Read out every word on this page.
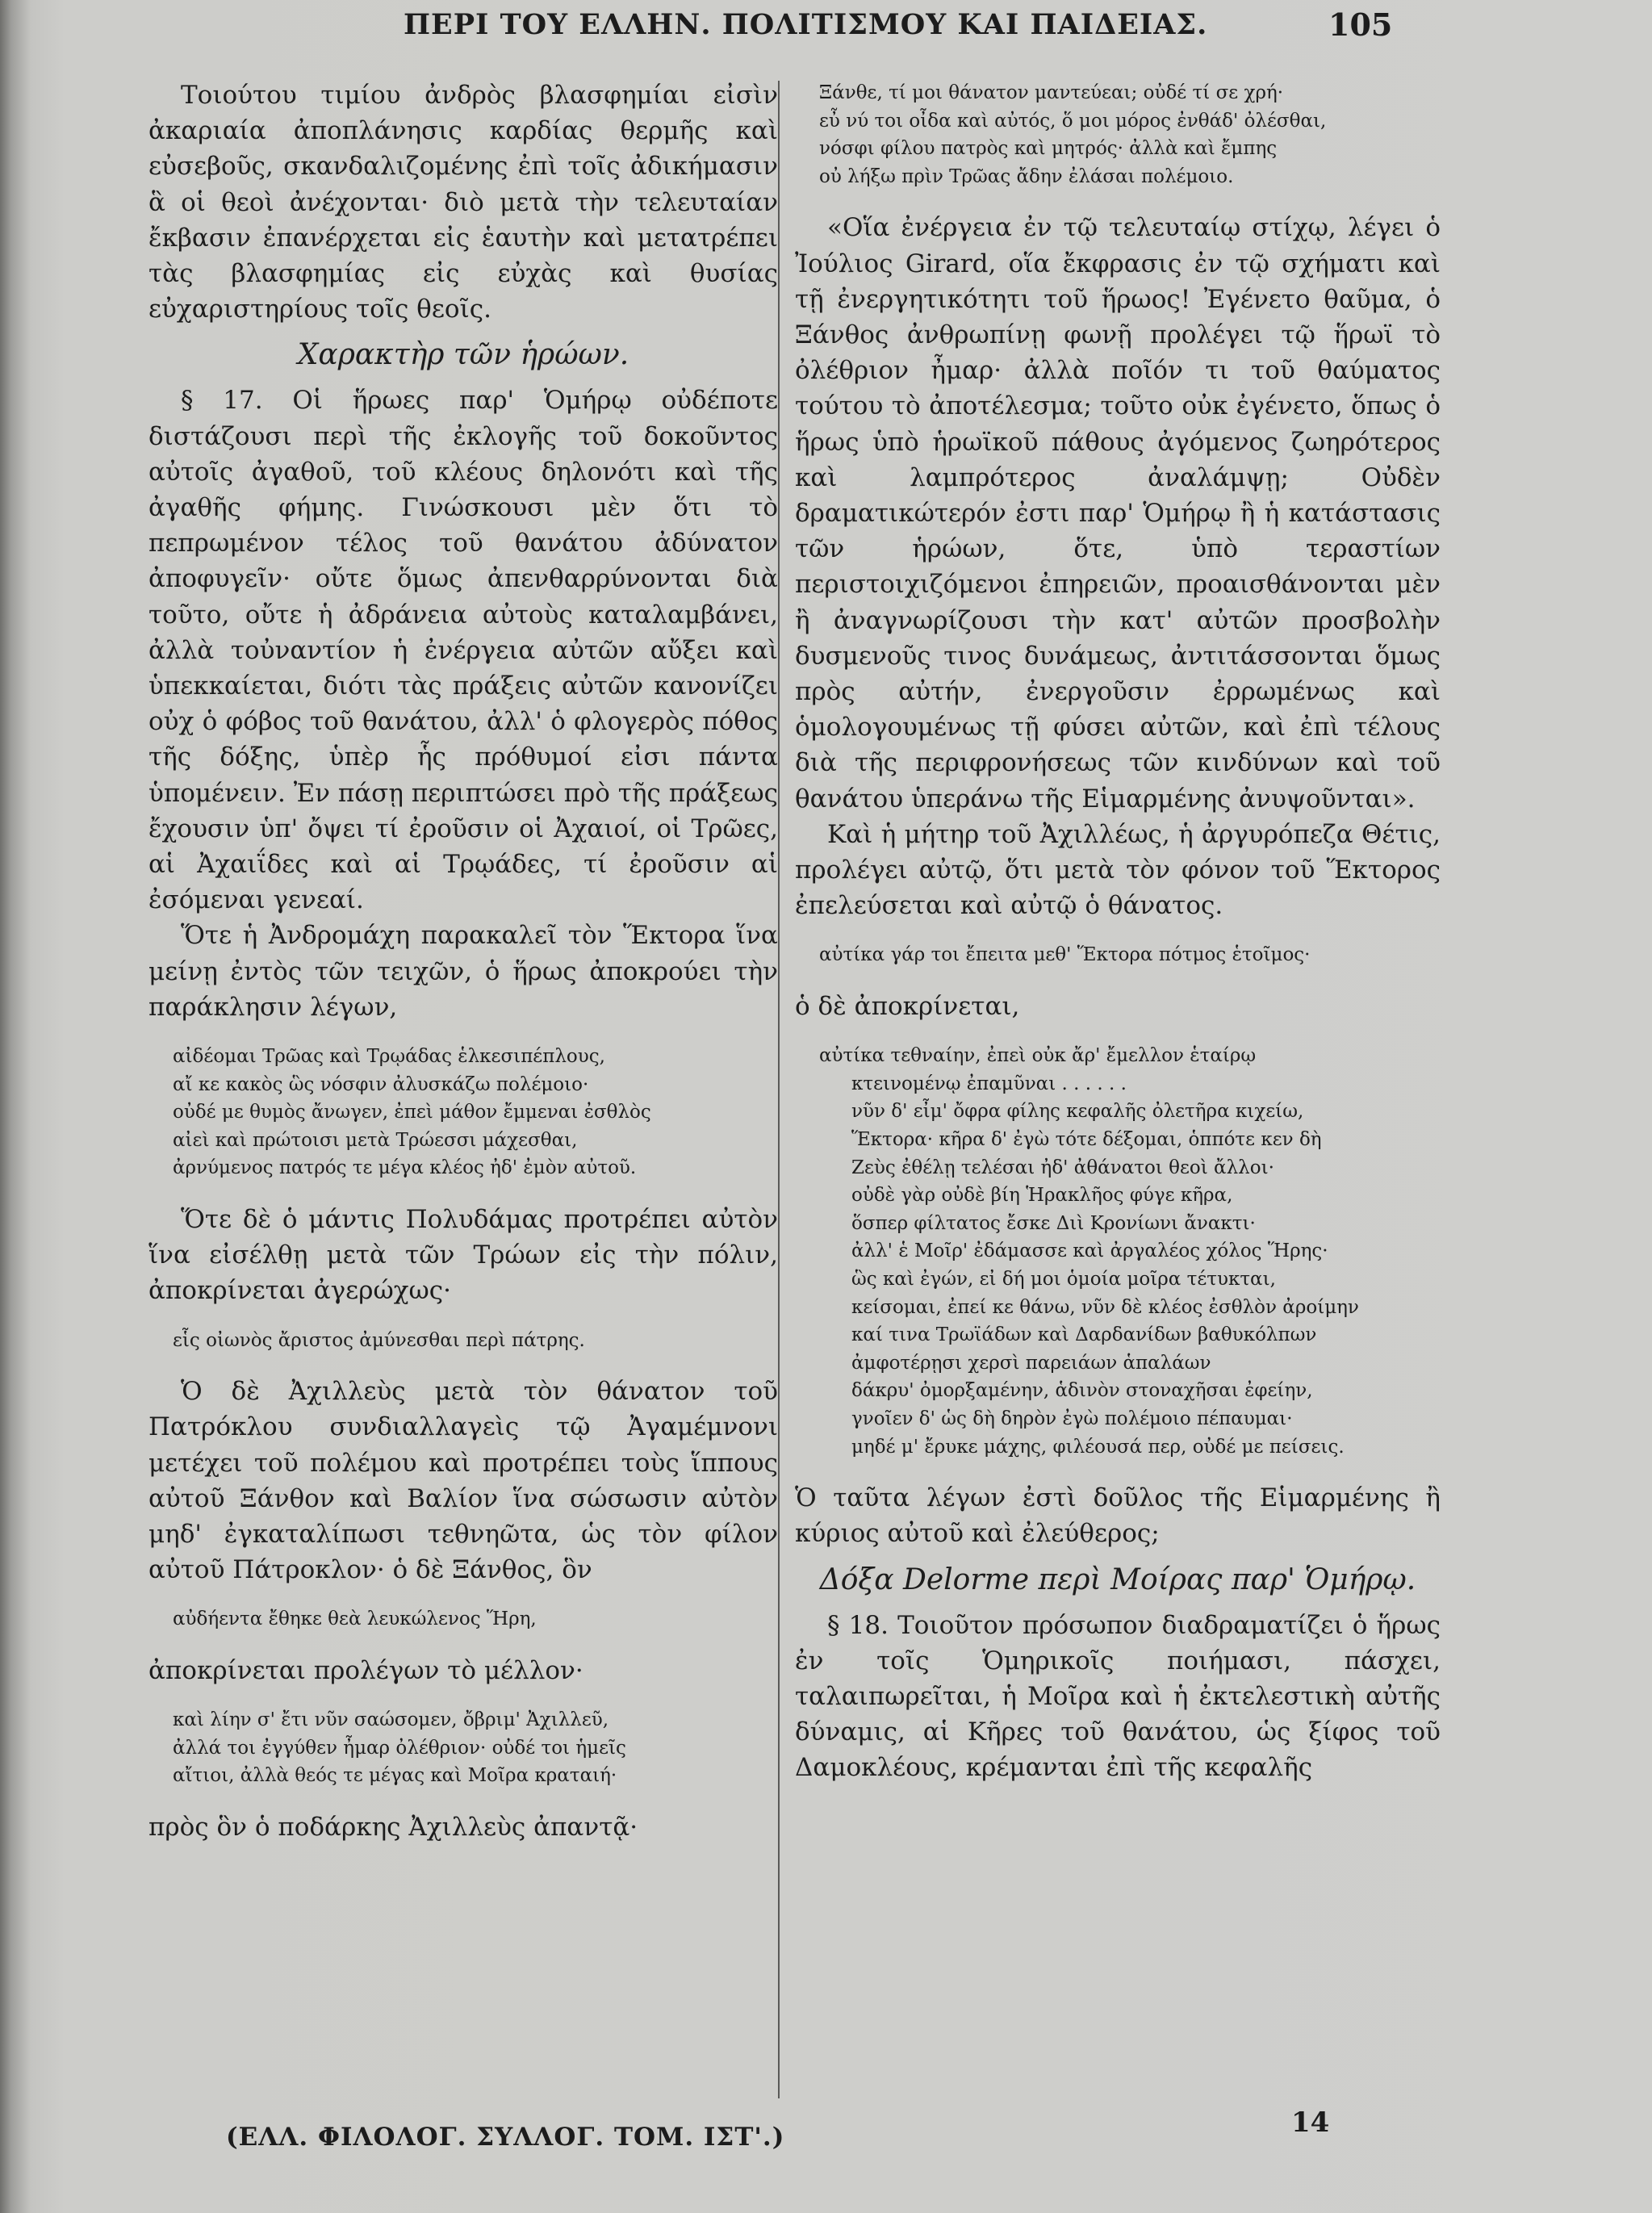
ΠΕΡΙ ΤΟΥ ΕΛΛΗΝ. ΠΟΛΙΤΙΣΜΟΥ ΚΑΙ ΠΑΙΔΕΙΑΣ.	105

Τοιούτου τιμίου ἀνδρὸς βλασφημίαι εἰσὶν ἀκαριαία ἀποπλάνησις καρδίας θερμῆς καὶ εὐσεβοῦς, σκανδαλιζομένης ἐπὶ τοῖς ἀδικήμασιν ἃ οἱ θεοὶ ἀνέχονται· διὸ μετὰ τὴν τελευταίαν ἔκβασιν ἐπανέρχεται εἰς ἑαυτὴν καὶ μετατρέπει τὰς βλασφημίας εἰς εὐχὰς καὶ θυσίας εὐχαριστηρίους τοῖς θεοῖς.

Χαρακτὴρ τῶν ἡρώων.

§ 17. Οἱ ἥρωες παρ' Ὁμήρῳ οὐδέποτε διστάζουσι περὶ τῆς ἐκλογῆς τοῦ δοκοῦντος αὐτοῖς ἀγαθοῦ, τοῦ κλέους δηλονότι καὶ τῆς ἀγαθῆς φήμης. Γινώσκουσι μὲν ὅτι τὸ πεπρωμένον τέλος τοῦ θανάτου ἀδύνατον ἀποφυγεῖν· οὔτε ὅμως ἀπενθαρρύνονται διὰ τοῦτο, οὔτε ἡ ἀδράνεια αὐτοὺς καταλαμβάνει, ἀλλὰ τοὐναντίον ἡ ἐνέργεια αὐτῶν αὔξει καὶ ὑπεκκαίεται, διότι τὰς πράξεις αὐτῶν κανονίζει οὐχ ὁ φόβος τοῦ θανάτου, ἀλλ' ὁ φλογερὸς πόθος τῆς δόξης, ὑπὲρ ἧς πρόθυμοί εἰσι πάντα ὑπομένειν. Ἐν πάσῃ περιπτώσει πρὸ τῆς πράξεως ἔχουσιν ὑπ' ὄψει τί ἐροῦσιν οἱ Ἀχαιοί, οἱ Τρῶες, αἱ Ἀχαιΐδες καὶ αἱ Τρῳάδες, τί ἐροῦσιν αἱ ἐσόμεναι γενεαί.

Ὅτε ἡ Ἀνδρομάχη παρακαλεῖ τὸν Ἕκτορα ἵνα μείνῃ ἐντὸς τῶν τειχῶν, ὁ ἥρως ἀποκρούει τὴν παράκλησιν λέγων,

αἰδέομαι Τρῶας καὶ Τρῳάδας ἑλκεσιπέπλους,
αἴ κε κακὸς ὣς νόσφιν ἀλυσκάζω πολέμοιο·
οὐδέ με θυμὸς ἄνωγεν, ἐπεὶ μάθον ἔμμεναι ἐσθλὸς
αἰεὶ καὶ πρώτοισι μετὰ Τρώεσσι μάχεσθαι,
ἀρνύμενος πατρός τε μέγα κλέος ἠδ' ἐμὸν αὐτοῦ.

Ὅτε δὲ ὁ μάντις Πολυδάμας προτρέπει αὐτὸν ἵνα εἰσέλθῃ μετὰ τῶν Τρώων εἰς τὴν πόλιν, ἀποκρίνεται ἀγερώχως·

εἷς οἰωνὸς ἄριστος ἀμύνεσθαι περὶ πάτρης.

Ὁ δὲ Ἀχιλλεὺς μετὰ τὸν θάνατον τοῦ Πατρόκλου συνδιαλλαγεὶς τῷ Ἀγαμέμνονι μετέχει τοῦ πολέμου καὶ προτρέπει τοὺς ἵππους αὐτοῦ Ξάνθον καὶ Βαλίον ἵνα σώσωσιν αὐτὸν μηδ' ἐγκαταλίπωσι τεθνηῶτα, ὡς τὸν φίλον αὐτοῦ Πάτροκλον· ὁ δὲ Ξάνθος, ὃν

αὐδήεντα ἔθηκε θεὰ λευκώλενος Ἥρη,

ἀποκρίνεται προλέγων τὸ μέλλον·

καὶ λίην σ' ἔτι νῦν σαώσομεν, ὄβριμ' Ἀχιλλεῦ,
ἀλλά τοι ἐγγύθεν ἦμαρ ὀλέθριον· οὐδέ τοι ἡμεῖς
αἴτιοι, ἀλλὰ θεός τε μέγας καὶ Μοῖρα κραταιή·

πρὸς ὃν ὁ ποδάρκης Ἀχιλλεὺς ἀπαντᾷ·

Ξάνθε, τί μοι θάνατον μαντεύεαι; οὐδέ τί σε χρή·
εὖ νύ τοι οἶδα καὶ αὐτός, ὅ μοι μόρος ἐνθάδ' ὀλέσθαι,
νόσφι φίλου πατρὸς καὶ μητρός· ἀλλὰ καὶ ἔμπης
οὐ λήξω πρὶν Τρῶας ἄδην ἐλάσαι πολέμοιο.

«Οἵα ἐνέργεια ἐν τῷ τελευταίῳ στίχῳ, λέγει ὁ Ἰούλιος Girard, οἵα ἔκφρασις ἐν τῷ σχήματι καὶ τῇ ἐνεργητικότητι τοῦ ἥρωος! Ἐγένετο θαῦμα, ὁ Ξάνθος ἀνθρωπίνῃ φωνῇ προλέγει τῷ ἥρωϊ τὸ ὀλέθριον ἦμαρ· ἀλλὰ ποῖόν τι τοῦ θαύματος τούτου τὸ ἀποτέλεσμα; τοῦτο οὐκ ἐγένετο, ὅπως ὁ ἥρως ὑπὸ ἡρωϊκοῦ πάθους ἀγόμενος ζωηρότερος καὶ λαμπρότερος ἀναλάμψῃ; Οὐδὲν δραματικώτερόν ἐστι παρ' Ὁμήρῳ ἢ ἡ κατάστασις τῶν ἡρώων, ὅτε, ὑπὸ τεραστίων περιστοιχιζόμενοι ἐπηρειῶν, προαισθάνονται μὲν ἢ ἀναγνωρίζουσι τὴν κατ' αὐτῶν προσβολὴν δυσμενοῦς τινος δυνάμεως, ἀντιτάσσονται ὅμως πρὸς αὐτήν, ἐνεργοῦσιν ἐρρωμένως καὶ ὁμολογουμένως τῇ φύσει αὐτῶν, καὶ ἐπὶ τέλους διὰ τῆς περιφρονήσεως τῶν κινδύνων καὶ τοῦ θανάτου ὑπεράνω τῆς Εἱμαρμένης ἀνυψοῦνται».

Καὶ ἡ μήτηρ τοῦ Ἀχιλλέως, ἡ ἀργυρόπεζα Θέτις, προλέγει αὐτῷ, ὅτι μετὰ τὸν φόνον τοῦ Ἕκτορος ἐπελεύσεται καὶ αὐτῷ ὁ θάνατος.

αὐτίκα γάρ τοι ἔπειτα μεθ' Ἕκτορα πότμος ἑτοῖμος·

ὁ δὲ ἀποκρίνεται,

αὐτίκα τεθναίην, ἐπεὶ οὐκ ἄρ' ἔμελλον ἑταίρῳ
κτεινομένῳ ἐπαμῦναι . . . . . .
νῦν δ' εἶμ' ὄφρα φίλης κεφαλῆς ὀλετῆρα κιχείω,
Ἕκτορα· κῆρα δ' ἐγὼ τότε δέξομαι, ὁππότε κεν δὴ
Ζεὺς ἐθέλῃ τελέσαι ἠδ' ἀθάνατοι θεοὶ ἄλλοι·
οὐδὲ γὰρ οὐδὲ βίη Ἡρακλῆος φύγε κῆρα,
ὅσπερ φίλτατος ἔσκε Διὶ Κρονίωνι ἄνακτι·
ἀλλ' ἑ Μοῖρ' ἐδάμασσε καὶ ἀργαλέος χόλος Ἥρης·
ὣς καὶ ἐγών, εἰ δή μοι ὁμοία μοῖρα τέτυκται,
κείσομαι, ἐπεί κε θάνω, νῦν δὲ κλέος ἐσθλὸν ἀροίμην
καί τινα Τρωϊάδων καὶ Δαρδανίδων βαθυκόλπων
ἀμφοτέρῃσι χερσὶ παρειάων ἁπαλάων
δάκρυ' ὀμορξαμένην, ἁδινὸν στοναχῆσαι ἐφείην,
γνοῖεν δ' ὡς δὴ δηρὸν ἐγὼ πολέμοιο πέπαυμαι·
μηδέ μ' ἔρυκε μάχης, φιλέουσά περ, οὐδέ με πείσεις.

Ὁ ταῦτα λέγων ἐστὶ δοῦλος τῆς Εἱμαρμένης ἢ κύριος αὐτοῦ καὶ ἐλεύθερος;

Δόξα Delorme περὶ Μοίρας παρ' Ὁμήρῳ.

§ 18. Τοιοῦτον πρόσωπον διαδραματίζει ὁ ἥρως ἐν τοῖς Ὁμηρικοῖς ποιήμασι, πάσχει, ταλαιπωρεῖται, ἡ Μοῖρα καὶ ἡ ἐκτελεστικὴ αὐτῆς δύναμις, αἱ Κῆρες τοῦ θανάτου, ὡς ξίφος τοῦ Δαμοκλέους, κρέμανται ἐπὶ τῆς κεφαλῆς

(ΕΛΛ. ΦΙΛΟΛΟΓ. ΣΥΛΛΟΓ. ΤΟΜ. ΙΣΤ'.)	14
